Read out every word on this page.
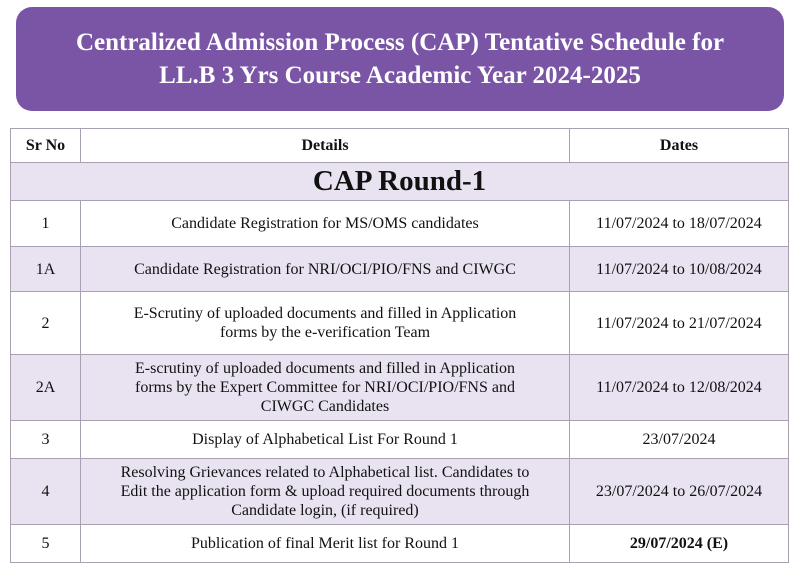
Centralized Admission Process (CAP) Tentative Schedule for
LL.B 3 Yrs Course Academic Year 2024-2025
Sr No	Details	Dates
CAP Round-1		
1	Candidate Registration for MS/OMS candidates	11/07/2024 to 18/07/2024
1A	Candidate Registration for NRI/OCI/PIO/FNS and CIWGC	11/07/2024 to 10/08/2024
2	E-Scrutiny of uploaded documents and filled in Application
forms by the e-verification Team	11/07/2024 to 21/07/2024
2A	E-scrutiny of uploaded documents and filled in Application
forms by the Expert Committee for NRI/OCI/PIO/FNS and
CIWGC Candidates	11/07/2024 to 12/08/2024
3	Display of Alphabetical List For Round 1	23/07/2024
4	Resolving Grievances related to Alphabetical list. Candidates to
Edit the application form & upload required documents through
Candidate login, (if required)	23/07/2024 to 26/07/2024
5	Publication of final Merit list for Round 1	29/07/2024 (E)
